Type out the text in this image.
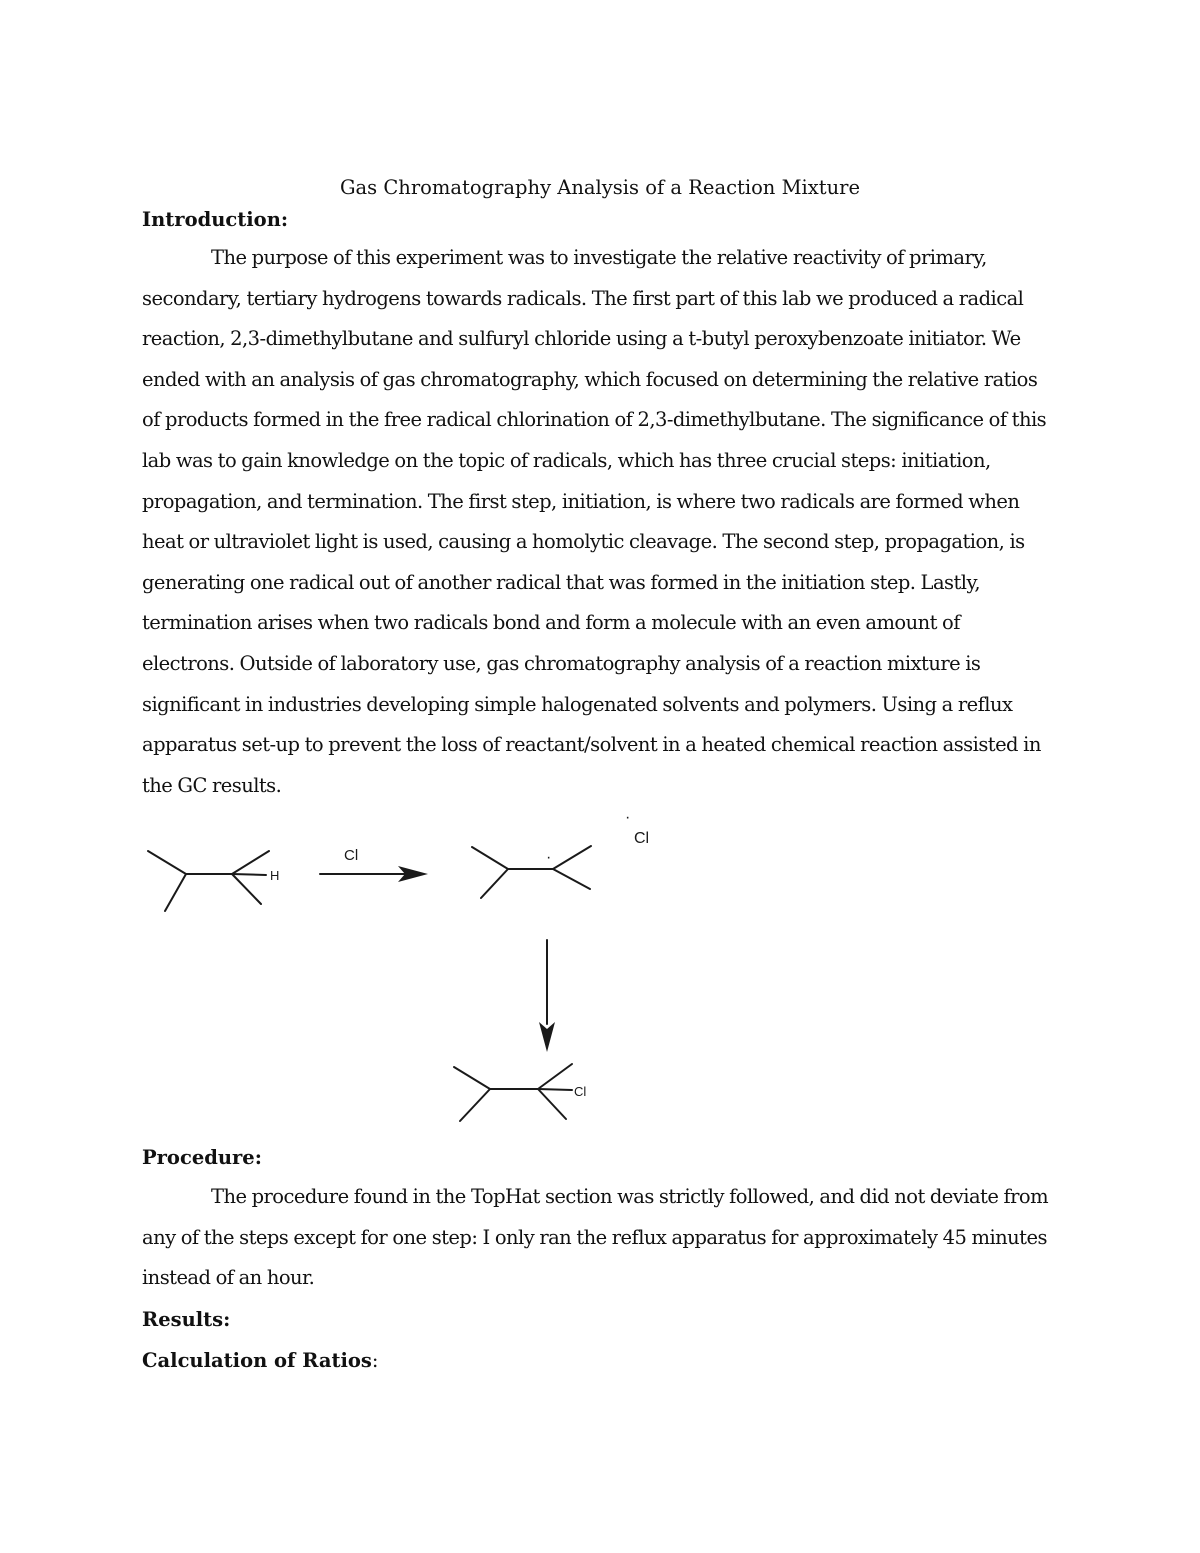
Gas Chromatography Analysis of a Reaction Mixture
Introduction:

The purpose of this experiment was to investigate the relative reactivity of primary, secondary, tertiary hydrogens towards radicals. The first part of this lab we produced a radical reaction, 2,3-dimethylbutane and sulfuryl chloride using a t-butyl peroxybenzoate initiator. We ended with an analysis of gas chromatography, which focused on determining the relative ratios of products formed in the free radical chlorination of 2,3-dimethylbutane. The significance of this lab was to gain knowledge on the topic of radicals, which has three crucial steps: initiation, propagation, and termination. The first step, initiation, is where two radicals are formed when heat or ultraviolet light is used, causing a homolytic cleavage. The second step, propagation, is generating one radical out of another radical that was formed in the initiation step. Lastly, termination arises when two radicals bond and form a molecule with an even amount of electrons. Outside of laboratory use, gas chromatography analysis of a reaction mixture is significant in industries developing simple halogenated solvents and polymers. Using a reflux apparatus set-up to prevent the loss of reactant/solvent in a heated chemical reaction assisted in the GC results.

H
Cl	·
·
Cl
Cl
Procedure:

The procedure found in the TopHat section was strictly followed, and did not deviate from any of the steps except for one step: I only ran the reflux apparatus for approximately 45 minutes instead of an hour.

Results:
Calculation of Ratios:
